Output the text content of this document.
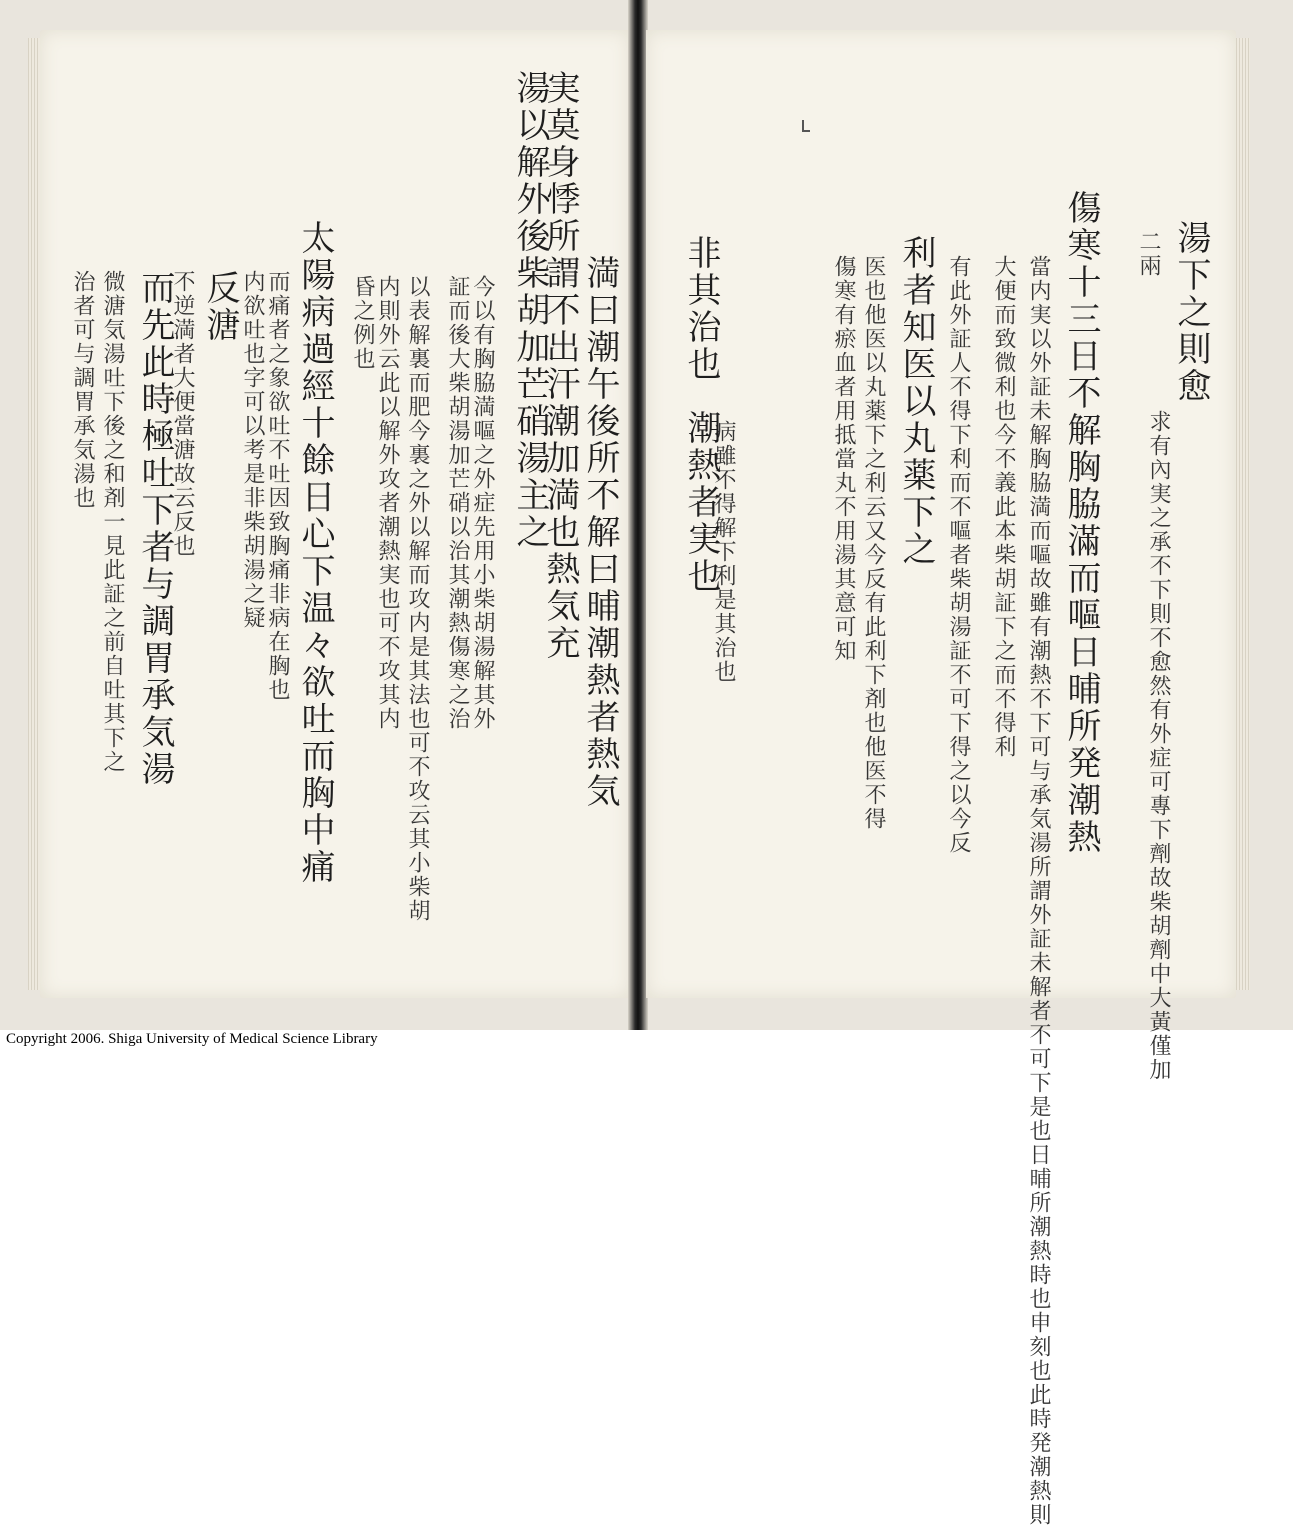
満曰潮午後所不解曰晡潮熱者熱気
実莫身悸所謂不出汗潮加満也熱気充
湯以解外後柴胡加芒硝湯主之
今以有胸脇満嘔之外症先用小柴胡湯解其外
証而後大柴胡湯加芒硝以治其潮熱傷寒之治
以表解裏而肥今裏之外以解而攻内是其法也可不攻云其小柴胡
内則外云此以解外攻者潮熱実也可不攻其内
昏之例也
太陽病過經十餘日心下温々欲吐而胸中痛
而痛者之象欲吐不吐因致胸痛非病在胸也
内欲吐也字可以考是非柴胡湯之疑
反溏
不逆満者大便當溏故云反也
而先此時極吐下者与調胃承気湯
微溏気湯吐下後之和剤一見此証之前自吐其下之
治者可与調胃承気湯也	湯下之則愈
求有內実之承不下則不愈然有外症可專下劑故柴胡劑中大黃僅加
二兩
傷寒十三日不解胸脇滿而嘔日晡所発潮熱
當内実以外証未解胸脇満而嘔故雖有潮熱不下可与承気湯所謂外証未解者不可下是也日晡所潮熱時也申刻也此時発潮熱則
大便而致微利也今不義此本柴胡証下之而不得利
有此外証人不得下利而不嘔者柴胡湯証不可下得之以今反
利者知医以丸薬下之
医也他医以丸薬下之利云又今反有此利下剤也他医不得
傷寒有瘀血者用抵當丸不用湯其意可知
非其治也
病雖不得解下利是其治也
潮熱者実也
Copyright 2006. Shiga University of Medical Science Library
